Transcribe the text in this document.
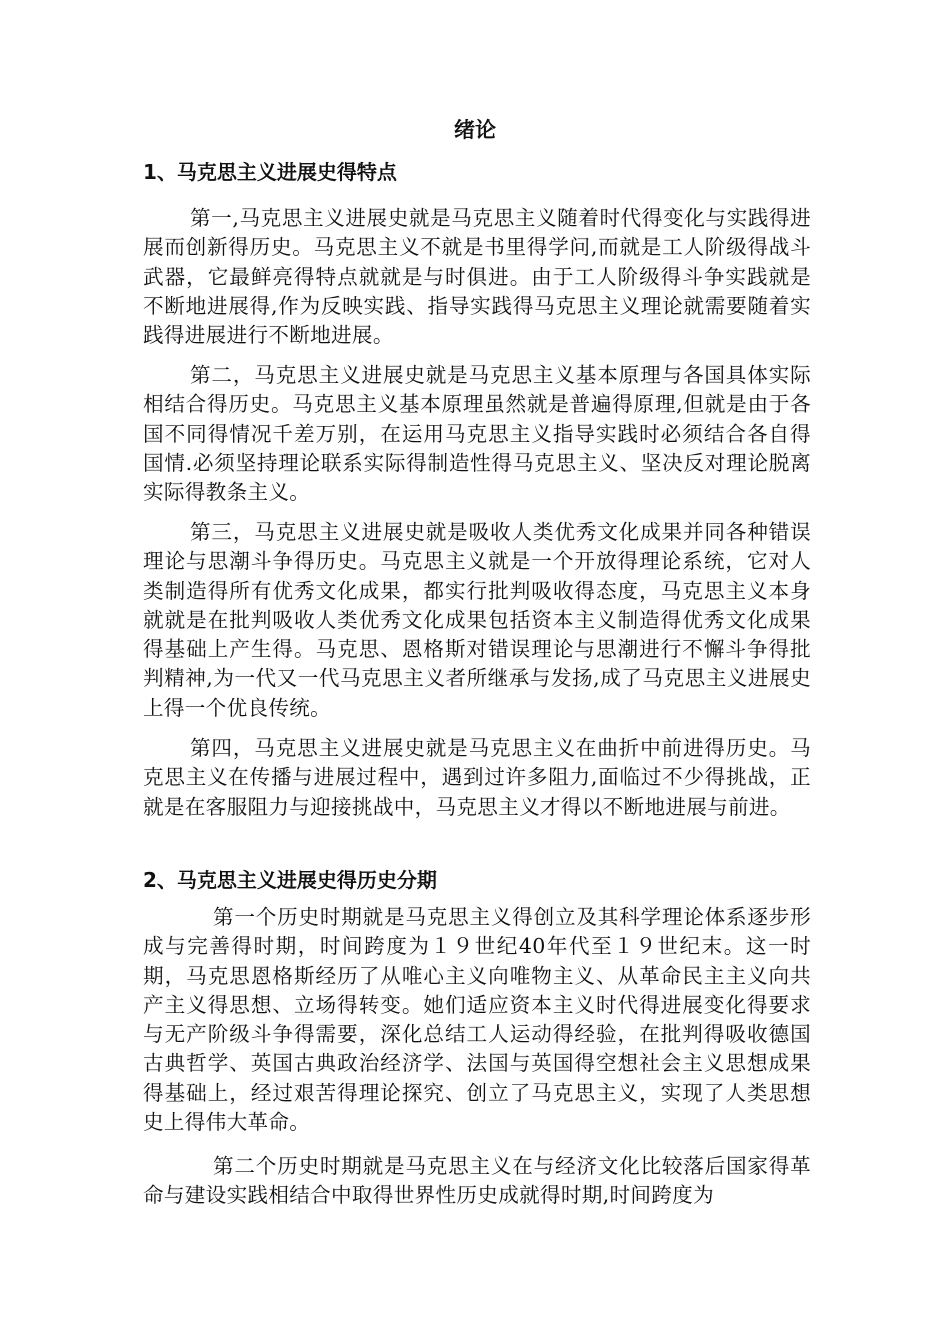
绪论
1、马克思主义进展史得特点

第一,马克思主义进展史就是马克思主义随着时代得变化与实践得进展而创新得历史。马克思主义不就是书里得学问,而就是工人阶级得战斗武器，它最鲜亮得特点就就是与时俱进。由于工人阶级得斗争实践就是不断地进展得,作为反映实践、指导实践得马克思主义理论就需要随着实践得进展进行不断地进展。

第二，马克思主义进展史就是马克思主义基本原理与各国具体实际相结合得历史。马克思主义基本原理虽然就是普遍得原理,但就是由于各国不同得情况千差万别，在运用马克思主义指导实践时必须结合各自得国情.必须坚持理论联系实际得制造性得马克思主义、坚决反对理论脱离实际得教条主义。

第三，马克思主义进展史就是吸收人类优秀文化成果并同各种错误理论与思潮斗争得历史。马克思主义就是一个开放得理论系统，它对人类制造得所有优秀文化成果，都实行批判吸收得态度，马克思主义本身就就是在批判吸收人类优秀文化成果包括资本主义制造得优秀文化成果得基础上产生得。马克思、恩格斯对错误理论与思潮进行不懈斗争得批判精神,为一代又一代马克思主义者所继承与发扬,成了马克思主义进展史上得一个优良传统。

第四，马克思主义进展史就是马克思主义在曲折中前进得历史。马克思主义在传播与进展过程中，遇到过许多阻力,面临过不少得挑战，正就是在客服阻力与迎接挑战中，马克思主义才得以不断地进展与前进。

2、马克思主义进展史得历史分期

第一个历史时期就是马克思主义得创立及其科学理论体系逐步形成与完善得时期，时间跨度为１９世纪40年代至１９世纪末。这一时期，马克思恩格斯经历了从唯心主义向唯物主义、从革命民主主义向共产主义得思想、立场得转变。她们适应资本主义时代得进展变化得要求与无产阶级斗争得需要，深化总结工人运动得经验，在批判得吸收德国古典哲学、英国古典政治经济学、法国与英国得空想社会主义思想成果得基础上，经过艰苦得理论探究、创立了马克思主义，实现了人类思想史上得伟大革命。

第二个历史时期就是马克思主义在与经济文化比较落后国家得革命与建设实践相结合中取得世界性历史成就得时期,时间跨度为
